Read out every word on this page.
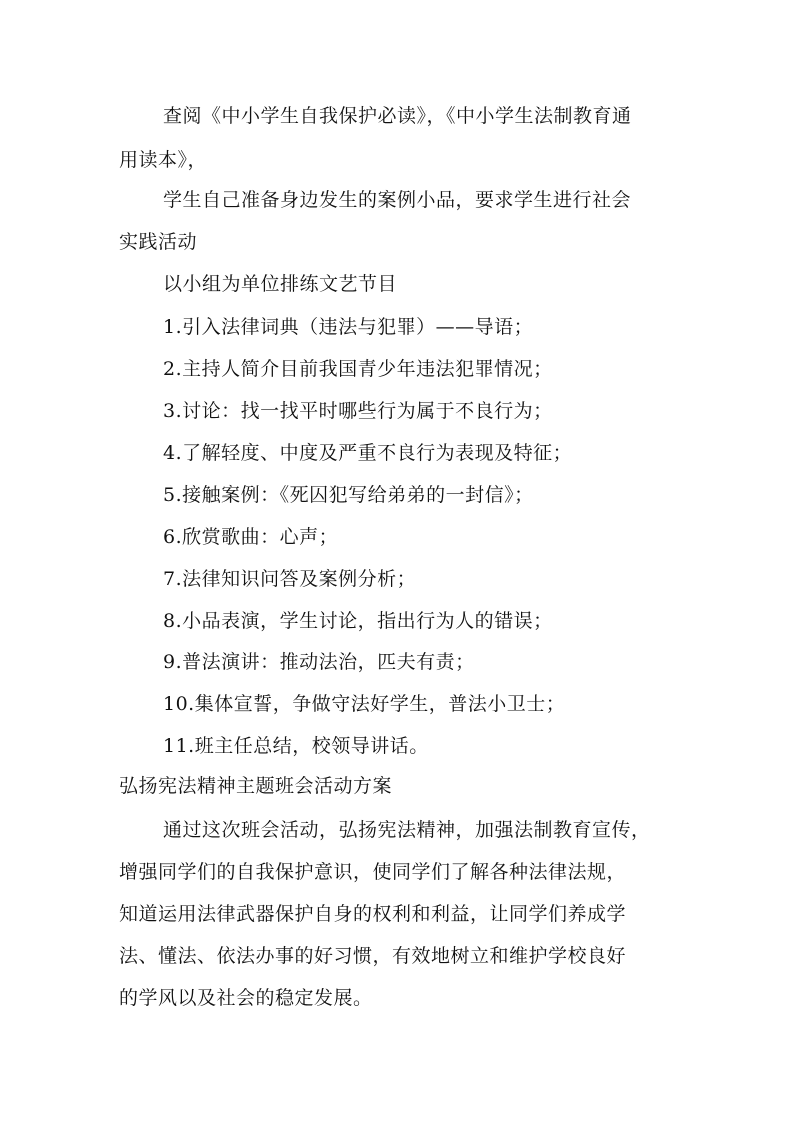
查阅《中小学生自我保护必读》，《中小学生法制教育通
用读本》，
学生自己准备身边发生的案例小品，要求学生进行社会
实践活动
以小组为单位排练文艺节目
1.引入法律词典（违法与犯罪）——导语；
2.主持人简介目前我国青少年违法犯罪情况；
3.讨论：找一找平时哪些行为属于不良行为；
4.了解轻度、中度及严重不良行为表现及特征；
5.接触案例：《死囚犯写给弟弟的一封信》；
6.欣赏歌曲：心声；
7.法律知识问答及案例分析；
8.小品表演，学生讨论，指出行为人的错误；
9.普法演讲：推动法治，匹夫有责；
10.集体宣誓，争做守法好学生，普法小卫士；
11.班主任总结，校领导讲话。
弘扬宪法精神主题班会活动方案
通过这次班会活动，弘扬宪法精神，加强法制教育宣传，
增强同学们的自我保护意识，使同学们了解各种法律法规，
知道运用法律武器保护自身的权利和利益，让同学们养成学
法、懂法、依法办事的好习惯，有效地树立和维护学校良好
的学风以及社会的稳定发展。
